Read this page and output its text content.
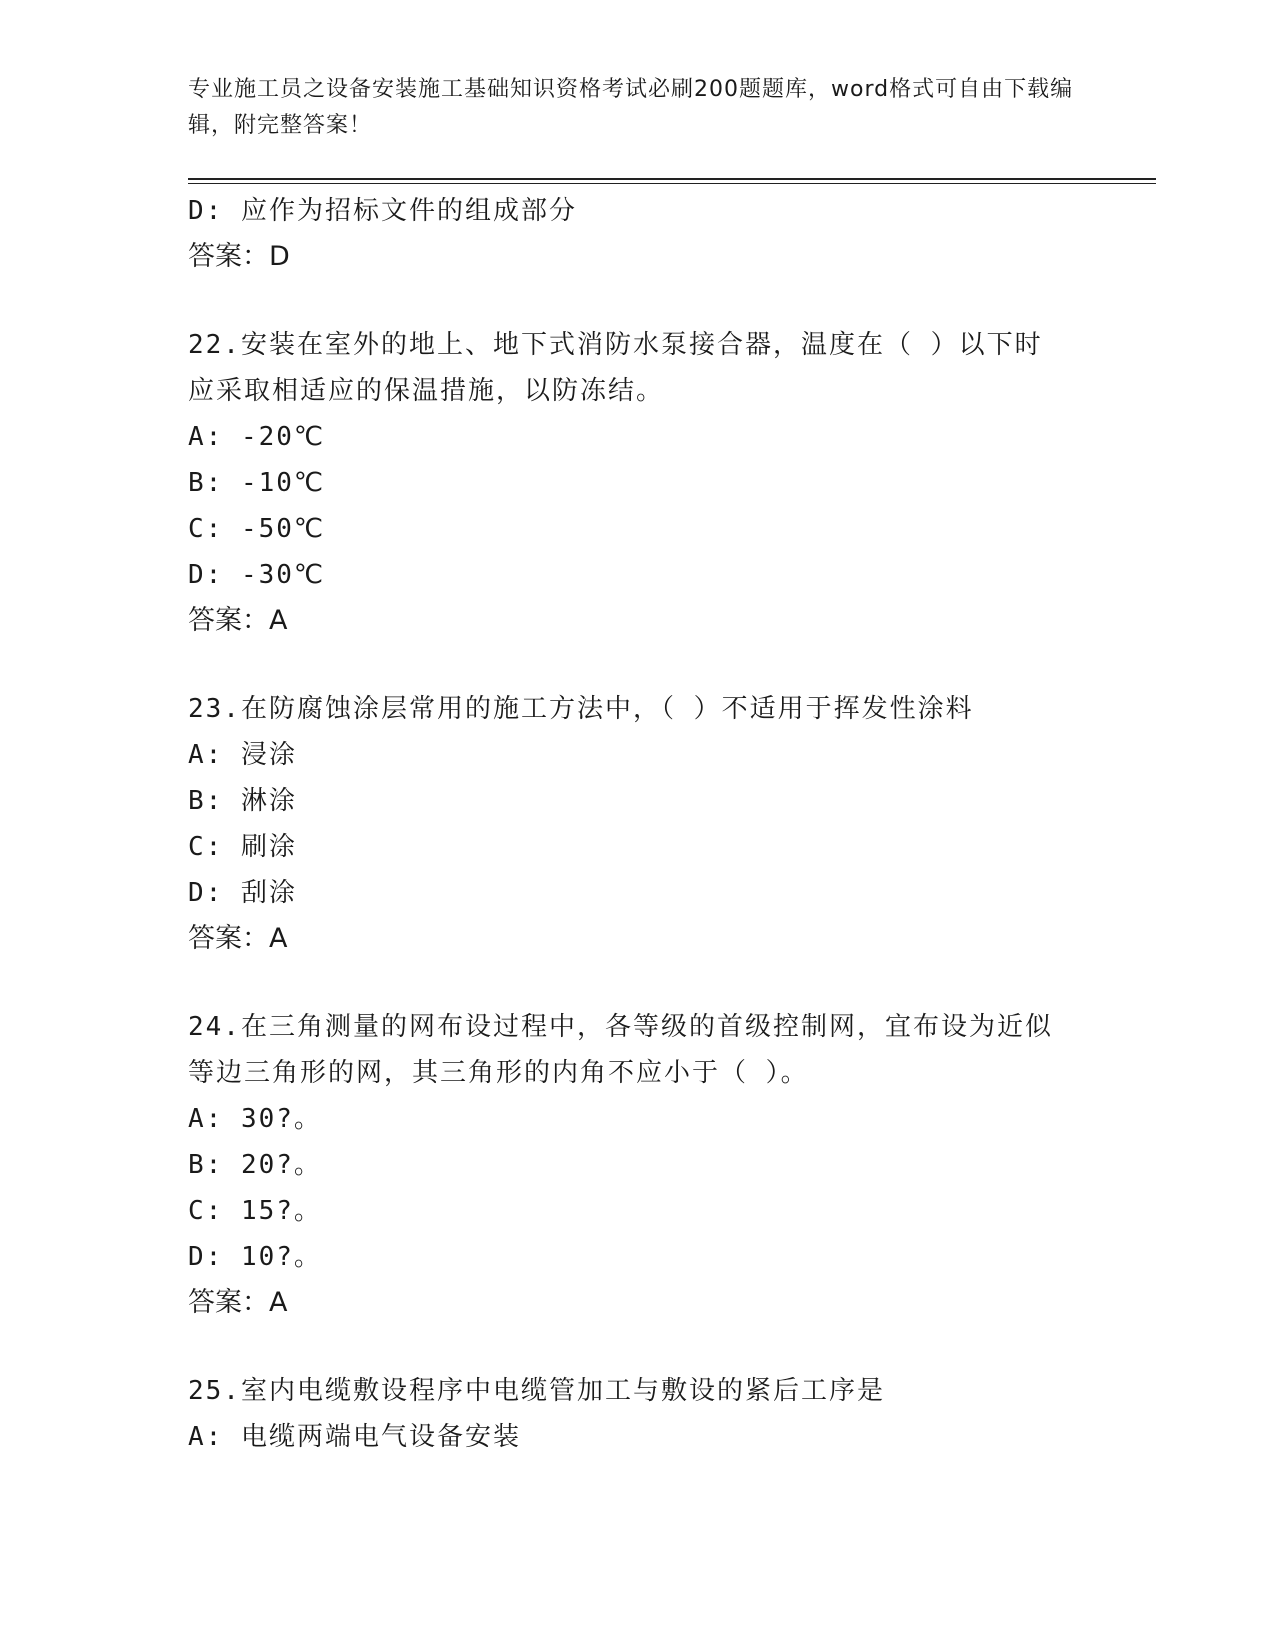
专业施工员之设备安装施工基础知识资格考试必刷200题题库，word格式可自由下载编辑，附完整答案！
D: 应作为招标文件的组成部分
答案：D
22.安装在室外的地上、地下式消防水泵接合器，温度在（ ）以下时应采取相适应的保温措施，以防冻结。
A: -20℃
B: -10℃
C: -50℃
D: -30℃
答案：A
23.在防腐蚀涂层常用的施工方法中，（ ）不适用于挥发性涂料
A: 浸涂
B: 淋涂
C: 刷涂
D: 刮涂
答案：A
24.在三角测量的网布设过程中，各等级的首级控制网，宜布设为近似等边三角形的网，其三角形的内角不应小于（ ）。
A: 30?。
B: 20?。
C: 15?。
D: 10?。
答案：A
25.室内电缆敷设程序中电缆管加工与敷设的紧后工序是
A: 电缆两端电气设备安装
